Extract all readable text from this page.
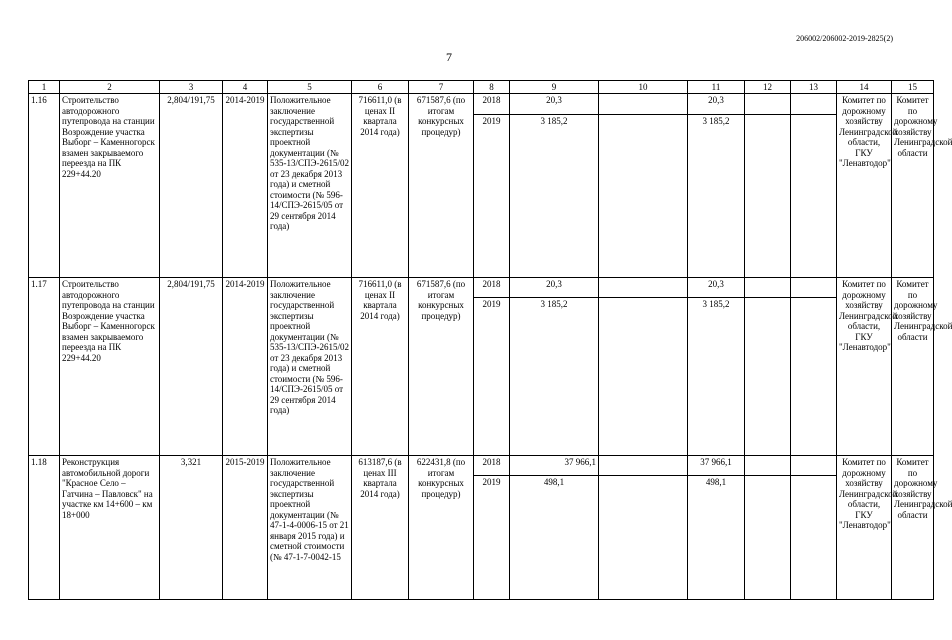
206002/206002-2019-2825(2)
7
1	2	3	4	5	6	7	8	9	10	11	12	13	14	15
1.16	Строительство автодорожного путепровода на станции Возрождение участка Выборг – Каменногорск взамен закрываемого переезда на ПК 229+44.20	2,804/191,75	2014-2019	Положительное заключение государственной экспертизы проектной документации (№ 535-13/СПЭ-2615/02 от 23 декабря 2013 года) и сметной стоимости (№ 596-14/СПЭ-2615/05 от 29 сентября 2014 года)	716611,0 (в ценах II квартала 2014 года)	671587,6 (по итогам конкурсных процедур)	2018	20,3		20,3			Комитет по дорожному хозяйству Ленинградской области, ГКУ "Ленавтодор"	Комитет по дорожному хозяйству Ленинградской области
							2019	3 185,2		3 185,2				
1.17	Строительство автодорожного путепровода на станции Возрождение участка Выборг – Каменногорск взамен закрываемого переезда на ПК 229+44.20	2,804/191,75	2014-2019	Положительное заключение государственной экспертизы проектной документации (№ 535-13/СПЭ-2615/02 от 23 декабря 2013 года) и сметной стоимости (№ 596-14/СПЭ-2615/05 от 29 сентября 2014 года)	716611,0 (в ценах II квартала 2014 года)	671587,6 (по итогам конкурсных процедур)	2018	20,3		20,3			Комитет по дорожному хозяйству Ленинградской области, ГКУ "Ленавтодор"	Комитет по дорожному хозяйству Ленинградской области
							2019	3 185,2		3 185,2				
1.18	Реконструкция автомобильной дороги "Красное Село – Гатчина – Павловск" на участке км 14+600 – км 18+000	3,321	2015-2019	Положительное заключение государственной экспертизы проектной документации (№ 47-1-4-0006-15 от 21 января 2015 года) и сметной стоимости (№ 47-1-7-0042-15	613187,6 (в ценах III квартала 2014 года)	622431,8 (по итогам конкурсных процедур)	2018	37 966,1		37 966,1			Комитет по дорожному хозяйству Ленинградской области, ГКУ "Ленавтодор"	Комитет по дорожному хозяйству Ленинградской области
							2019	498,1		498,1				
